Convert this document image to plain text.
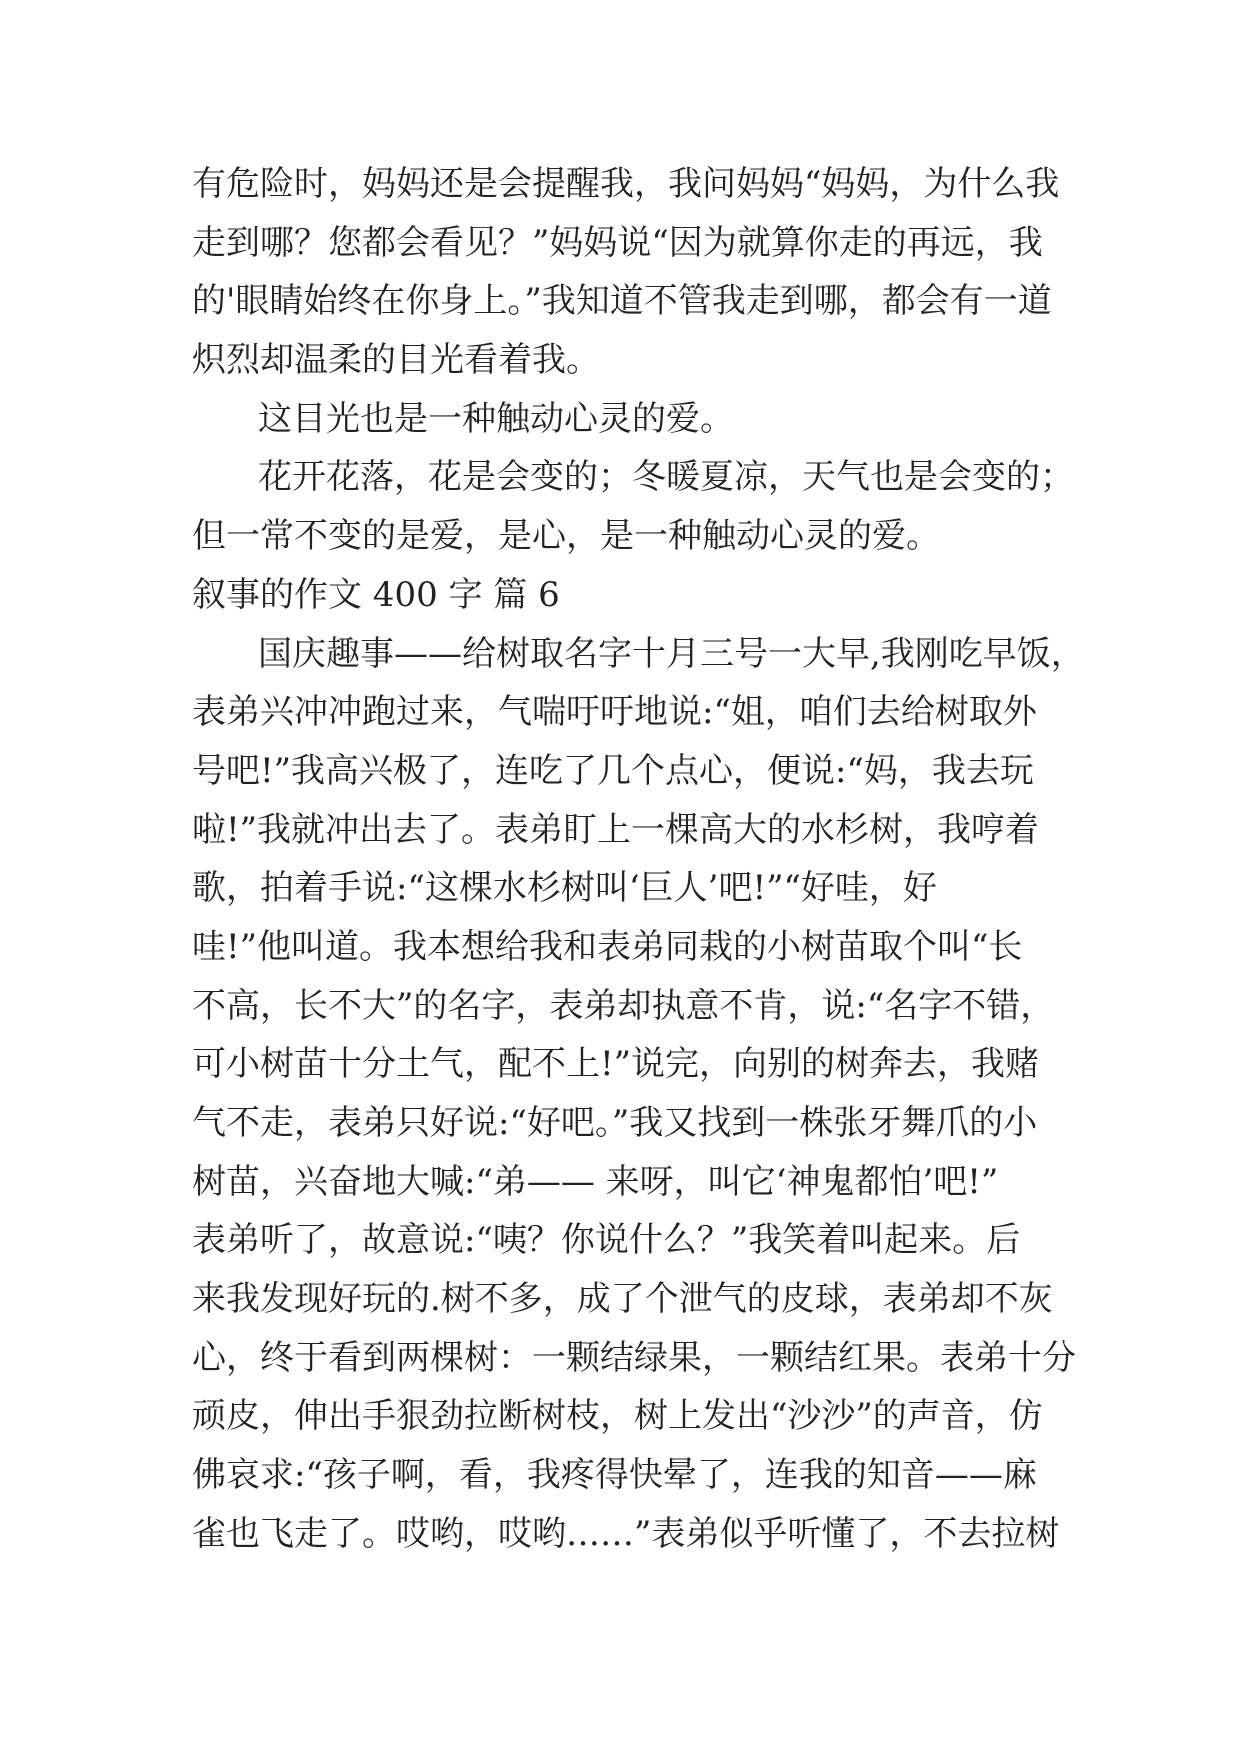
有危险时，妈妈还是会提醒我，我问妈妈“妈妈，为什么我
走到哪？您都会看见？”妈妈说“因为就算你走的再远，我
的'眼睛始终在你身上。”我知道不管我走到哪，都会有一道
炽烈却温柔的目光看着我。
这目光也是一种触动心灵的爱。
花开花落，花是会变的；冬暖夏凉，天气也是会变的；
但一常不变的是爱，是心，是一种触动心灵的爱。
叙事的作文 400 字 篇 6
国庆趣事——给树取名字十月三号一大早,我刚吃早饭，
表弟兴冲冲跑过来，气喘吁吁地说:“姐，咱们去给树取外
号吧!”我高兴极了，连吃了几个点心，便说:“妈，我去玩
啦!”我就冲出去了。表弟盯上一棵高大的水杉树，我哼着
歌，拍着手说:“这棵水杉树叫‘巨人’吧!”“好哇，好
哇!”他叫道。我本想给我和表弟同栽的小树苗取个叫“长
不高，长不大”的名字，表弟却执意不肯，说:“名字不错，
可小树苗十分土气，配不上!”说完，向别的树奔去，我赌
气不走，表弟只好说:“好吧。”我又找到一株张牙舞爪的小
树苗，兴奋地大喊:“弟—— 来呀，叫它‘神鬼都怕’吧!”
表弟听了，故意说:“咦？你说什么？”我笑着叫起来。后
来我发现好玩的.树不多，成了个泄气的皮球，表弟却不灰
心，终于看到两棵树：一颗结绿果，一颗结红果。表弟十分
顽皮，伸出手狠劲拉断树枝，树上发出“沙沙”的声音，仿
佛哀求:“孩子啊，看，我疼得快晕了，连我的知音——麻
雀也飞走了。哎哟，哎哟……”表弟似乎听懂了，不去拉树
